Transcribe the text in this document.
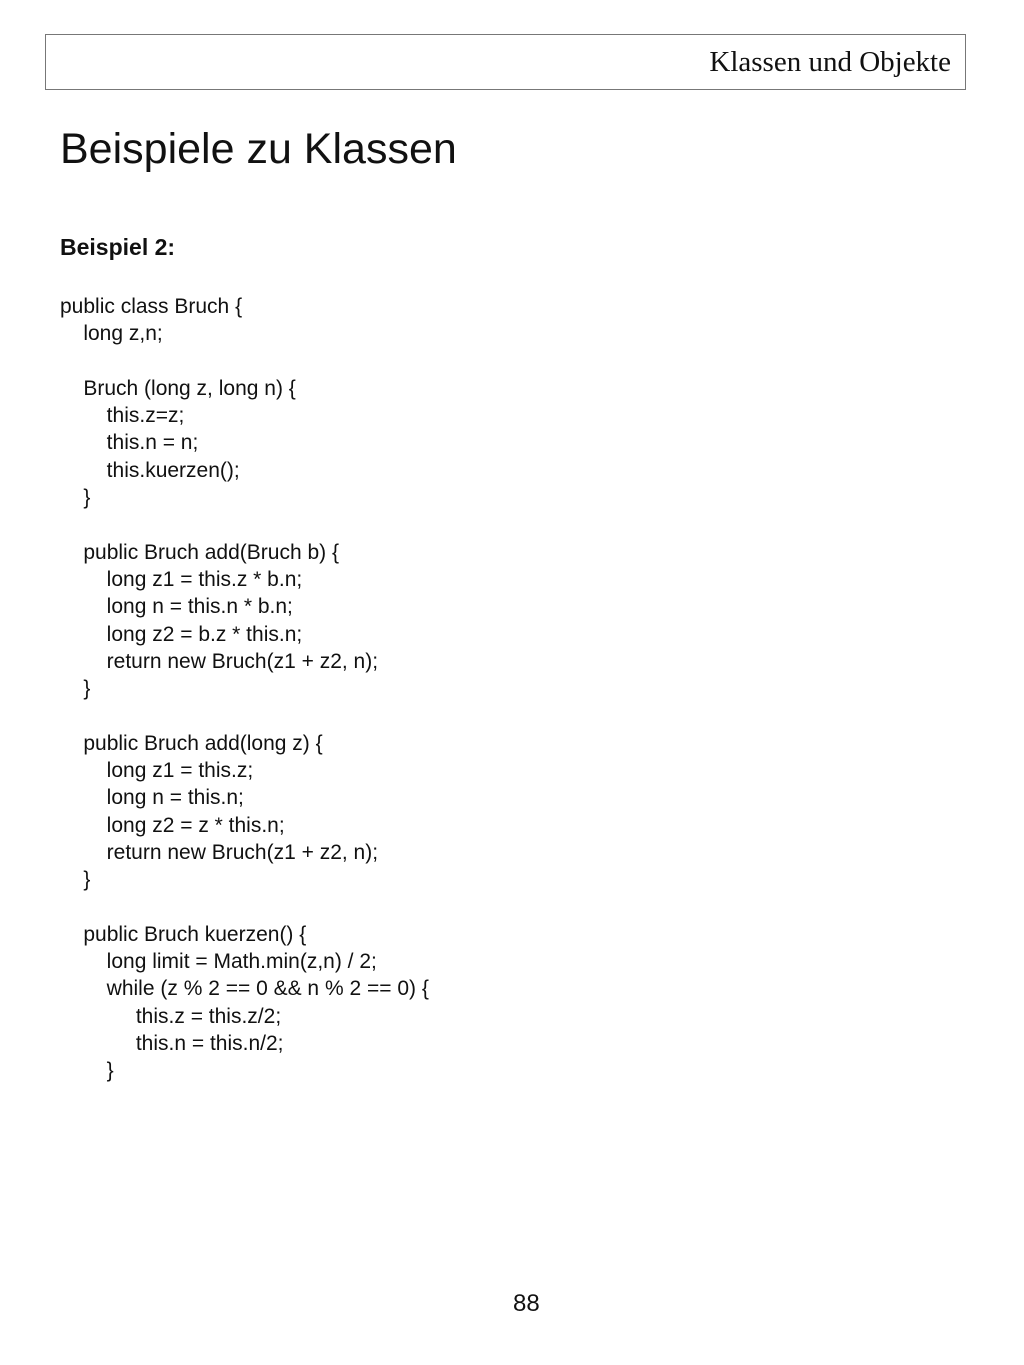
Klassen und Objekte
Beispiele zu Klassen
Beispiel 2:
public class Bruch {
long z,n;
Bruch (long z, long n) {
this.z=z;
this.n = n;
this.kuerzen();
}
public Bruch add(Bruch b) {
long z1 = this.z * b.n;
long n = this.n * b.n;
long z2 = b.z * this.n;
return new Bruch(z1 + z2, n);
}
public Bruch add(long z) {
long z1 = this.z;
long n = this.n;
long z2 = z * this.n;
return new Bruch(z1 + z2, n);
}
public Bruch kuerzen() {
long limit = Math.min(z,n) / 2;
while (z % 2 == 0 && n % 2 == 0) {
this.z = this.z/2;
this.n = this.n/2;
}
88
